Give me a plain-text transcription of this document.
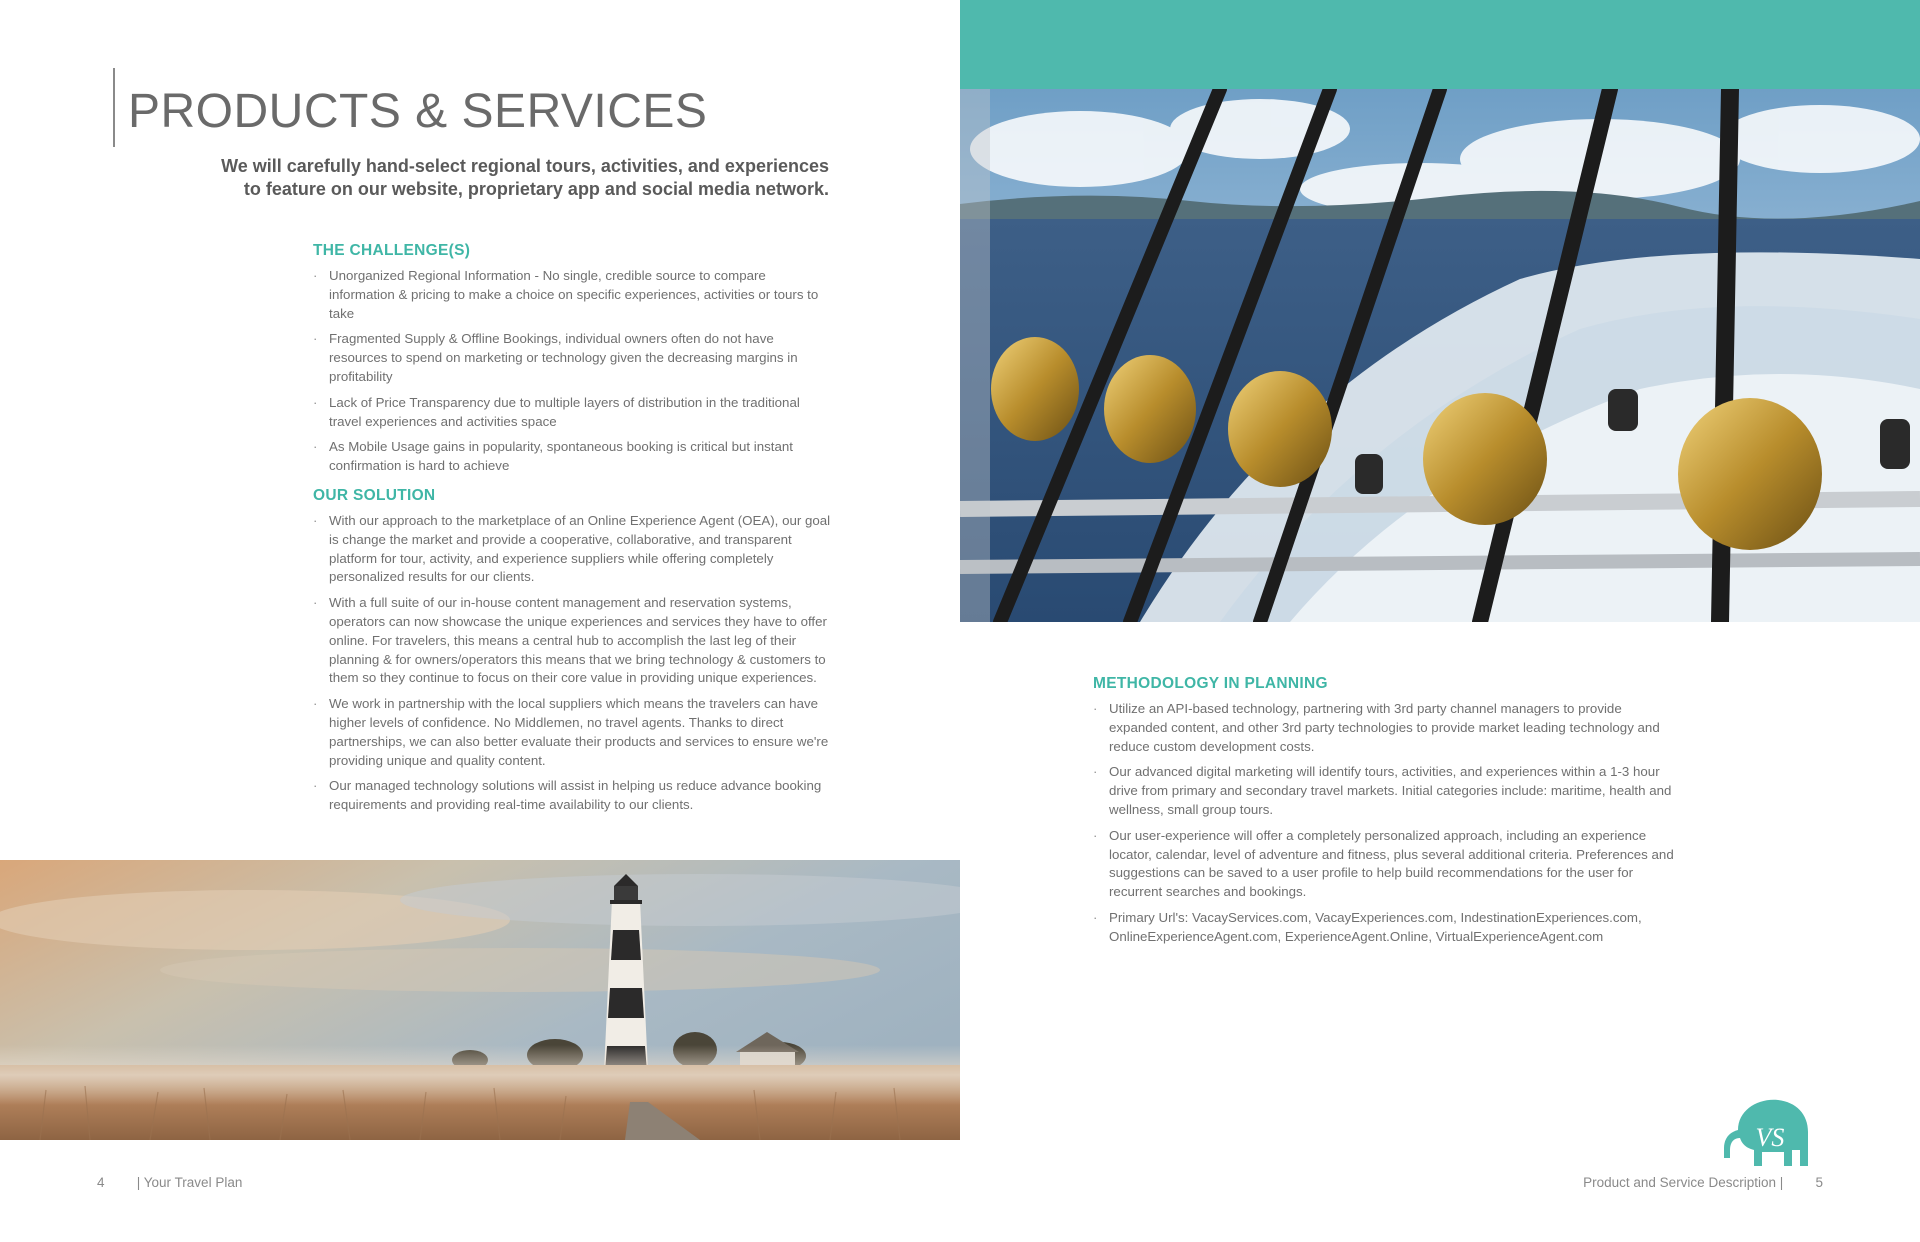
PRODUCTS & SERVICES
We will carefully hand-select regional tours, activities, and experiences
to feature on our website, proprietary app and social media network.
THE CHALLENGE(S)
· Unorganized Regional Information - No single, credible source to compare information & pricing to make a choice on specific experiences, activities or tours to take
· Fragmented Supply & Offline Bookings, individual owners often do not have resources to spend on marketing or technology given the decreasing margins in profitability
· Lack of Price Transparency due to multiple layers of distribution in the traditional travel experiences and activities space
· As Mobile Usage gains in popularity, spontaneous booking is critical but instant confirmation is hard to achieve
OUR SOLUTION
· With our approach to the marketplace of an Online Experience Agent (OEA), our goal is change the market and provide a cooperative, collaborative, and transparent platform for tour, activity, and experience suppliers while offering completely personalized results for our clients.
· With a full suite of our in-house content management and reservation systems, operators can now showcase the unique experiences and services they have to offer online. For travelers, this means a central hub to accomplish the last leg of their planning & for owners/operators this means that we bring technology & customers to them so they continue to focus on their core value in providing unique experiences.
· We work in partnership with the local suppliers which means the travelers can have higher levels of confidence. No Middlemen, no travel agents. Thanks to direct partnerships, we can also better evaluate their products and services to ensure we're providing unique and quality content.
· Our managed technology solutions will assist in helping us reduce advance booking requirements and providing real-time availability to our clients.
METHODOLOGY IN PLANNING
· Utilize an API-based technology, partnering with 3rd party channel managers to provide expanded content, and other 3rd party technologies to provide market leading technology and reduce custom development costs.
· Our advanced digital marketing will identify tours, activities, and experiences within a 1-3 hour drive from primary and secondary travel markets. Initial categories include: maritime, health and wellness, small group tours.
· Our user-experience will offer a completely personalized approach, including an experience locator, calendar, level of adventure and fitness, plus several additional criteria. Preferences and suggestions can be saved to a user profile to help build recommendations for the user for recurrent searches and bookings.
· Primary Url's: VacayServices.com, VacayExperiences.com, IndestinationExperiences.com, OnlineExperienceAgent.com, ExperienceAgent.Online, VirtualExperienceAgent.com
VS
4 | Your Travel Plan	Product and Service Description | 5
